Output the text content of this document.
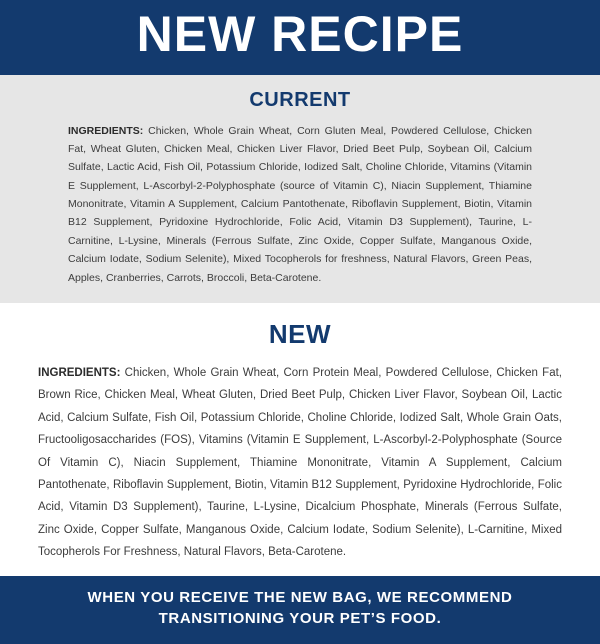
NEW RECIPE
CURRENT
INGREDIENTS: Chicken, Whole Grain Wheat, Corn Gluten Meal, Powdered Cellulose, Chicken Fat, Wheat Gluten, Chicken Meal, Chicken Liver Flavor, Dried Beet Pulp, Soybean Oil, Calcium Sulfate, Lactic Acid, Fish Oil, Potassium Chloride, Iodized Salt, Choline Chloride, Vitamins (Vitamin E Supplement, L-Ascorbyl-2-Polyphosphate (source of Vitamin C), Niacin Supplement, Thiamine Mononitrate, Vitamin A Supplement, Calcium Pantothenate, Riboflavin Supplement, Biotin, Vitamin B12 Supplement, Pyridoxine Hydrochloride, Folic Acid, Vitamin D3 Supplement), Taurine, L-Carnitine, L-Lysine, Minerals (Ferrous Sulfate, Zinc Oxide, Copper Sulfate, Manganous Oxide, Calcium Iodate, Sodium Selenite), Mixed Tocopherols for freshness, Natural Flavors, Green Peas, Apples, Cranberries, Carrots, Broccoli, Beta-Carotene.
NEW
INGREDIENTS: Chicken, Whole Grain Wheat, Corn Protein Meal, Powdered Cellulose, Chicken Fat, Brown Rice, Chicken Meal, Wheat Gluten, Dried Beet Pulp, Chicken Liver Flavor, Soybean Oil, Lactic Acid, Calcium Sulfate, Fish Oil, Potassium Chloride, Choline Chloride, Iodized Salt, Whole Grain Oats, Fructooligosaccharides (FOS), Vitamins (Vitamin E Supplement, L-Ascorbyl-2-Polyphosphate (Source Of Vitamin C), Niacin Supplement, Thiamine Mononitrate, Vitamin A Supplement, Calcium Pantothenate, Riboflavin Supplement, Biotin, Vitamin B12 Supplement, Pyridoxine Hydrochloride, Folic Acid, Vitamin D3 Supplement), Taurine, L-Lysine, Dicalcium Phosphate, Minerals (Ferrous Sulfate, Zinc Oxide, Copper Sulfate, Manganous Oxide, Calcium Iodate, Sodium Selenite), L-Carnitine, Mixed Tocopherols For Freshness, Natural Flavors, Beta-Carotene.
WHEN YOU RECEIVE THE NEW BAG, WE RECOMMEND
TRANSITIONING YOUR PET’S FOOD.
